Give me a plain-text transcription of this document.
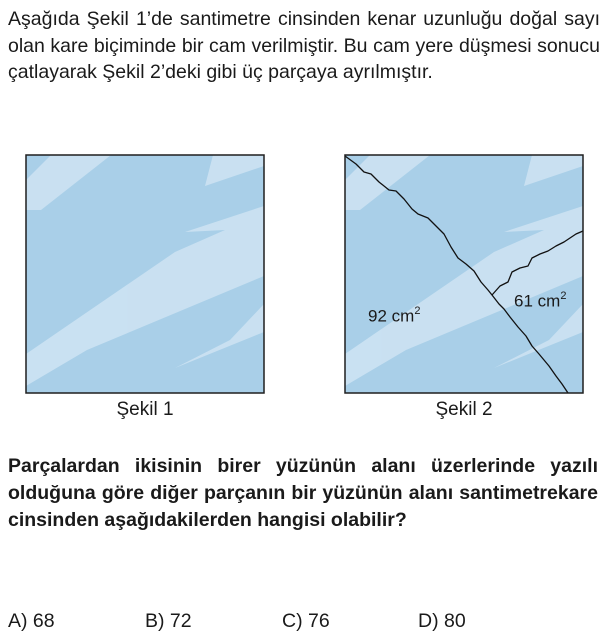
Aşağıda Şekil 1’de santimetre cinsinden kenar uzunluğu doğal sayı olan kare biçiminde bir cam verilmiştir. Bu cam yere düşmesi sonucu çatlayarak Şekil 2’deki gibi üç parçaya ayrılmıştır.

92 $cm^2$
61 $cm^2$
Şekil 1	Şekil 2

Parçalardan ikisinin birer yüzünün alanı üzerlerinde yazılı olduğuna göre diğer parçanın bir yüzünün alanı santimetrekare cinsinden aşağıdakilerden hangisi olabilir?

A) 68	B) 72	C) 76	D) 80
